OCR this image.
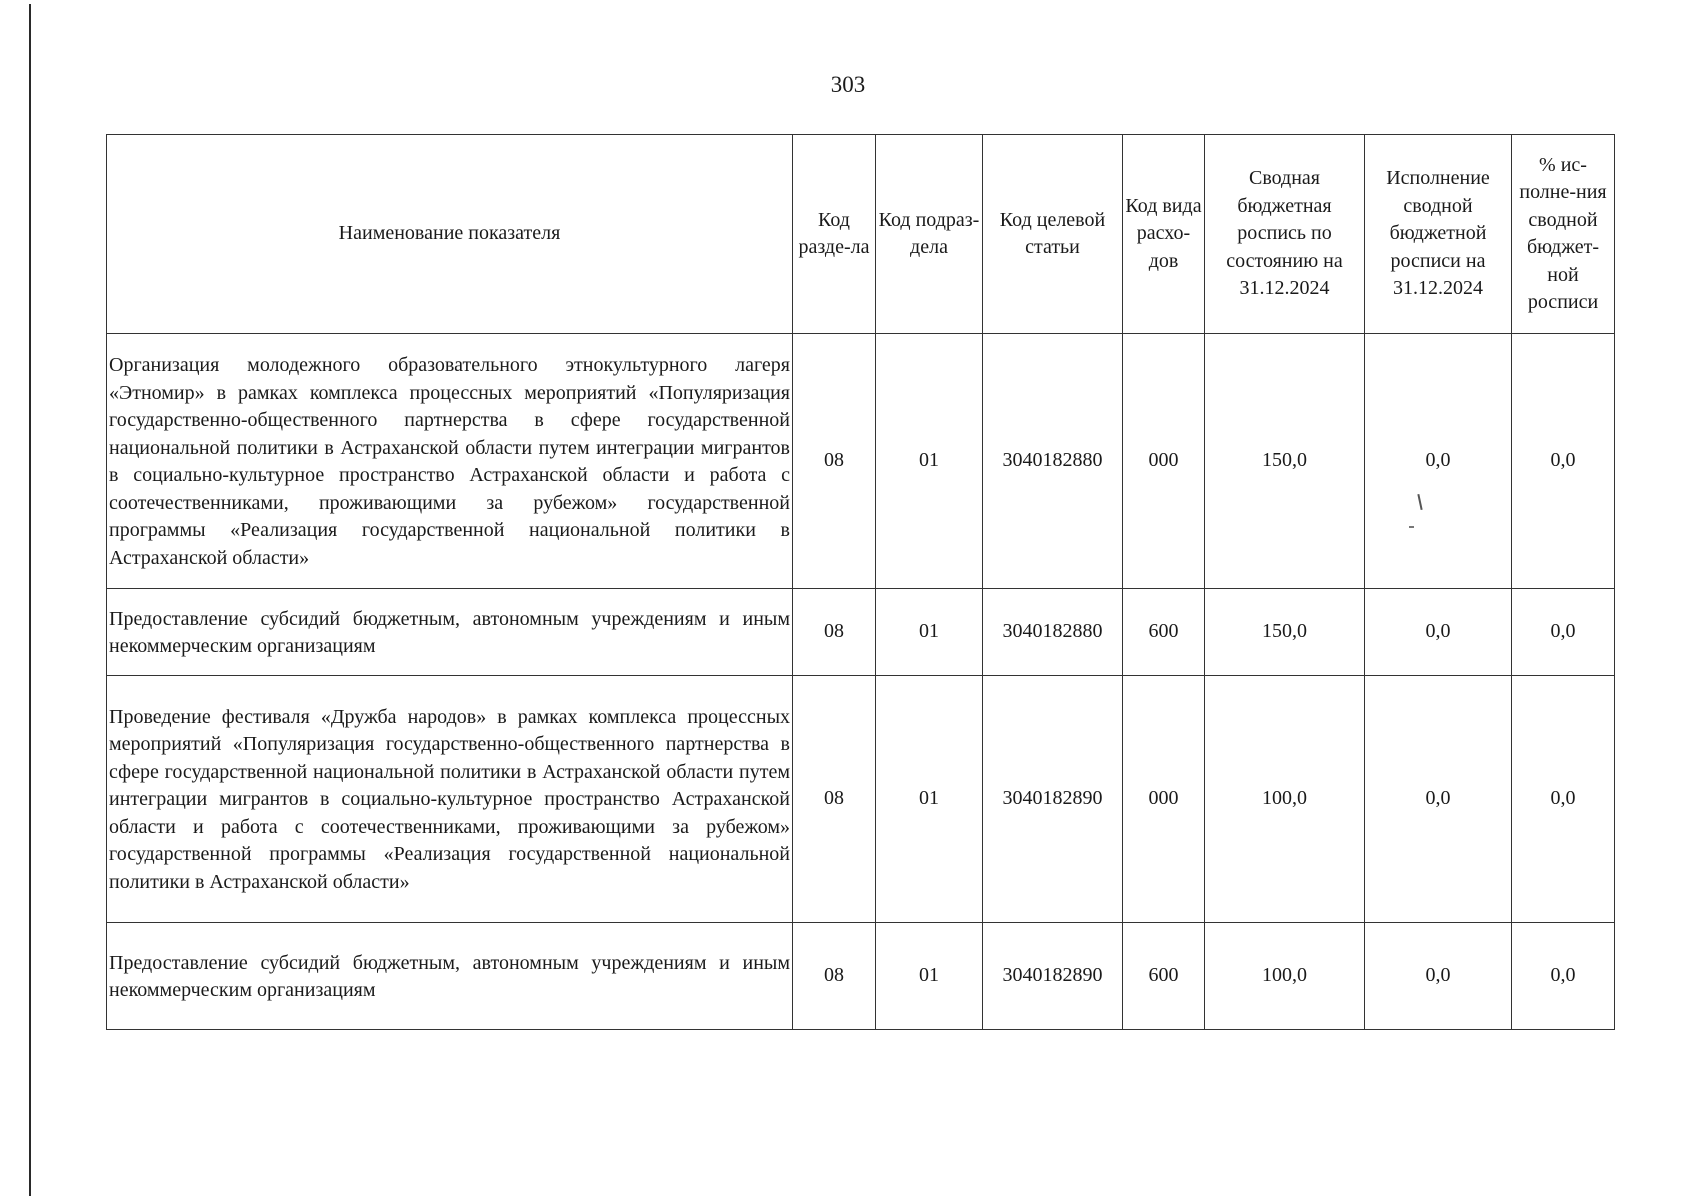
303
Наименование показателя	Код разде-ла	Код подраз-дела	Код целевой статьи	Код вида расхо-дов	Сводная бюджетная роспись по состоянию на 31.12.2024	Исполнение сводной бюджетной росписи на 31.12.2024	% ис-полне-ния сводной бюджет-ной росписи
Организация молодежного образовательного этнокультурного лагеря «Этномир» в рамках комплекса процессных мероприятий «Популяризация государственно-общественного партнерства в сфере государственной национальной политики в Астраханской области путем интеграции мигрантов в социально-культурное пространство Астраханской области и работа с соотечественниками, проживающими за рубежом» государственной программы «Реализация государственной национальной политики в Астраханской области»	08	01	3040182880	000	150,0	0,0	0,0
Предоставление субсидий бюджетным, автономным учреждениям и иным некоммерческим организациям	08	01	3040182880	600	150,0	0,0	0,0
Проведение фестиваля «Дружба народов» в рамках комплекса процессных мероприятий «Популяризация государственно-общественного партнерства в сфере государственной национальной политики в Астраханской области путем интеграции мигрантов в социально-культурное пространство Астраханской области и работа с соотечественниками, проживающими за рубежом» государственной программы «Реализация государственной национальной политики в Астраханской области»	08	01	3040182890	000	100,0	0,0	0,0
Предоставление субсидий бюджетным, автономным учреждениям и иным некоммерческим организациям	08	01	3040182890	600	100,0	0,0	0,0
